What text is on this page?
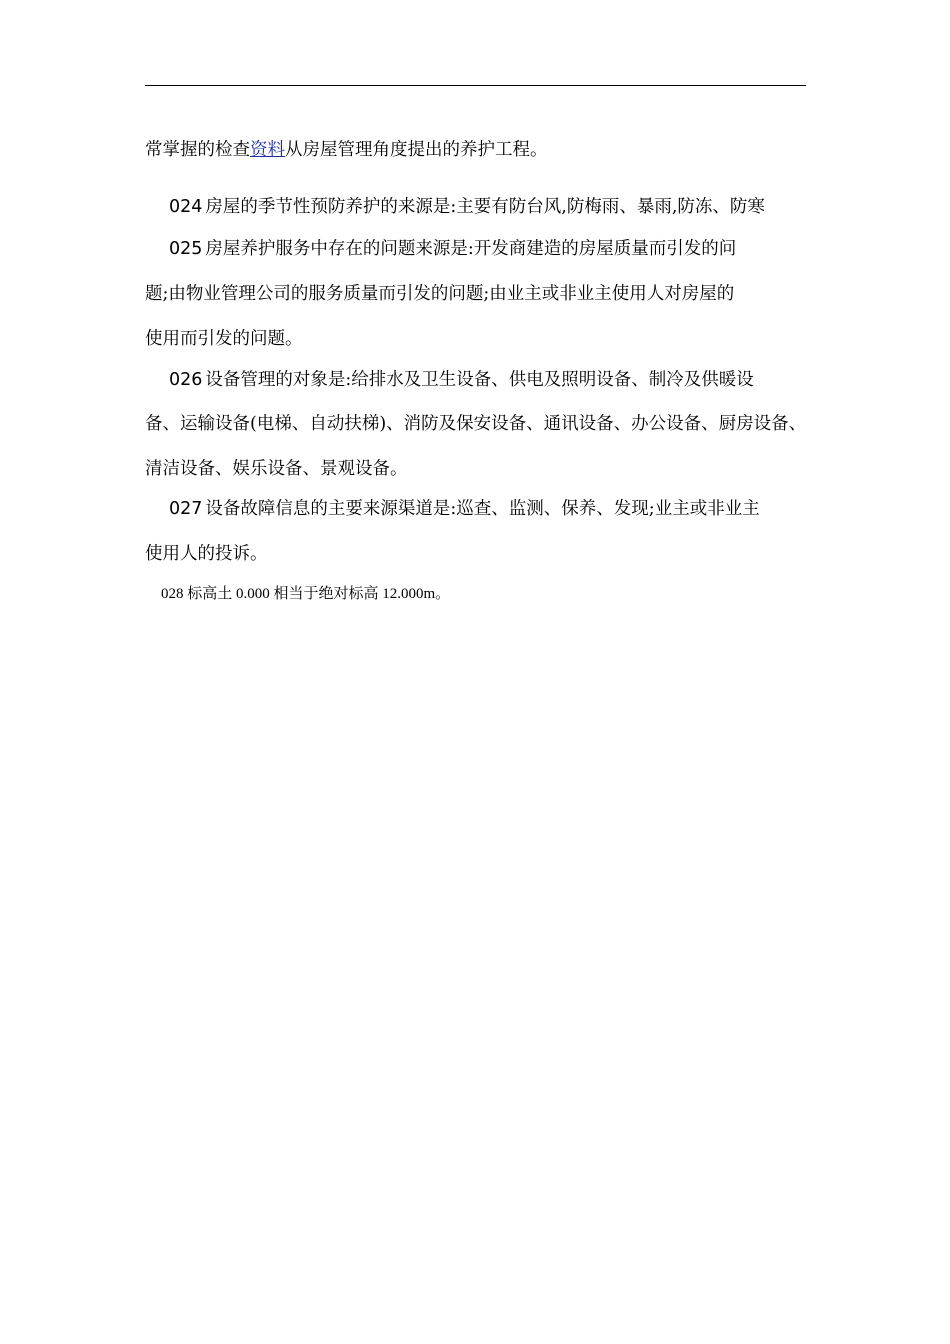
常掌握的检查资料从房屋管理角度提出的养护工程。
024 房屋的季节性预防养护的来源是:主要有防台风,防梅雨、暴雨,防冻、防寒
025 房屋养护服务中存在的问题来源是:开发商建造的房屋质量而引发的问
题;由物业管理公司的服务质量而引发的问题;由业主或非业主使用人对房屋的
使用而引发的问题。
026 设备管理的对象是:给排水及卫生设备、供电及照明设备、制冷及供暖设
备、运输设备(电梯、自动扶梯)、消防及保安设备、通讯设备、办公设备、厨房设备、
清洁设备、娱乐设备、景观设备。
027 设备故障信息的主要来源渠道是:巡查、监测、保养、发现;业主或非业主
使用人的投诉。
028 标高土 0.000 相当于绝对标高 12.000m。
